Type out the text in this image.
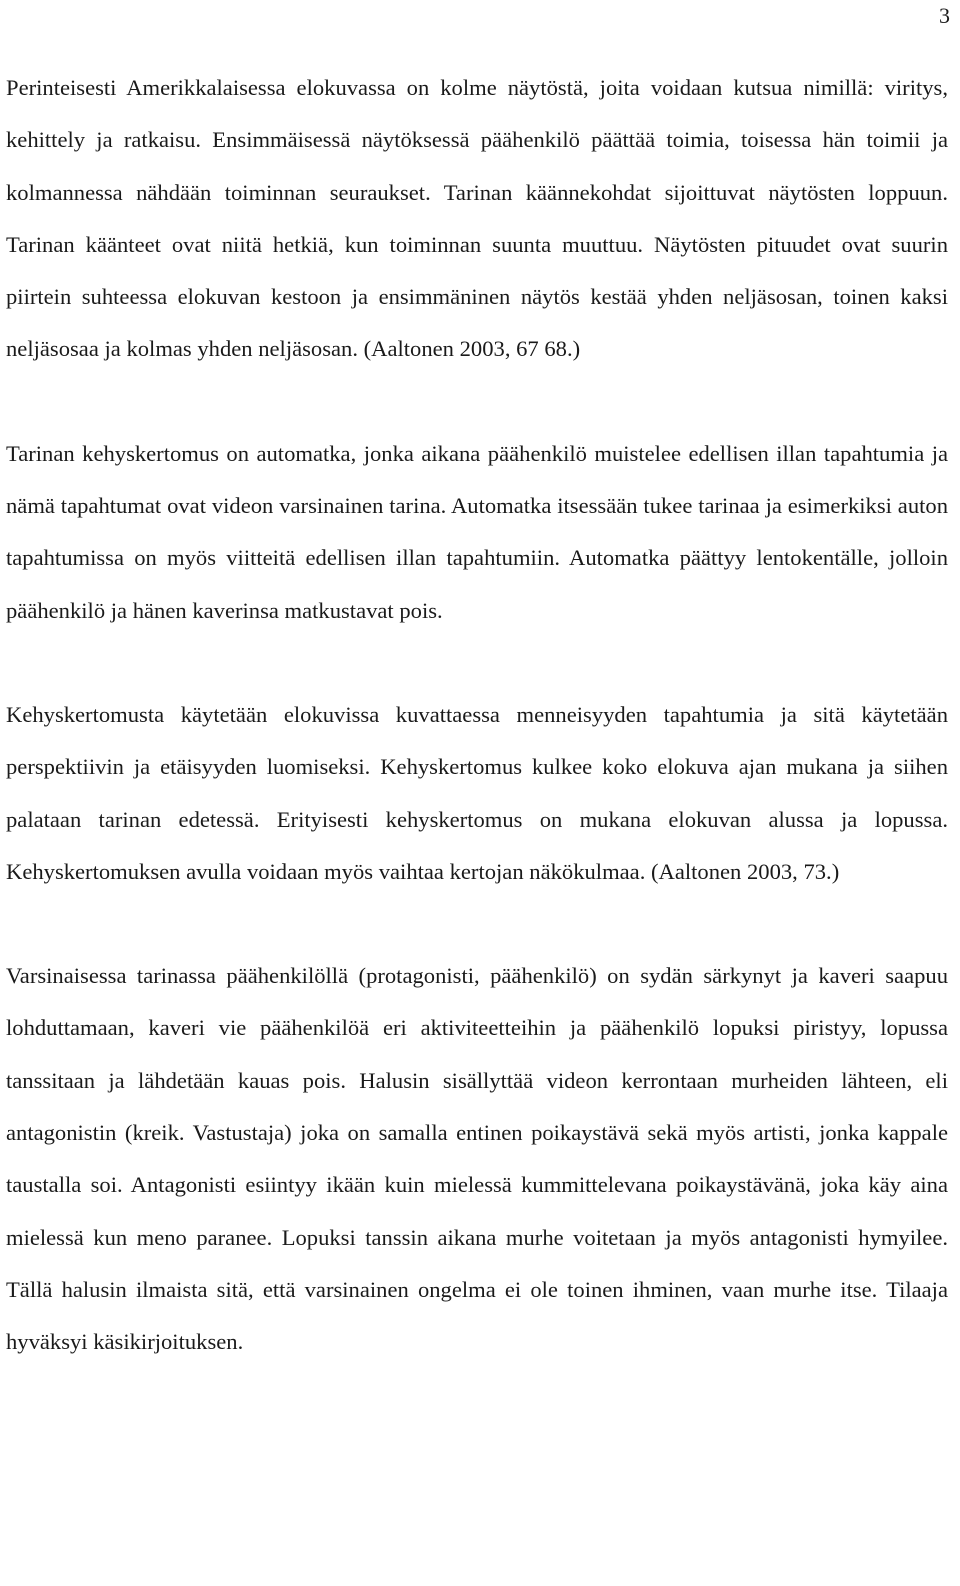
3

Perinteisesti Amerikkalaisessa elokuvassa on kolme näytöstä, joita voidaan kutsua nimillä: viritys, kehittely ja ratkaisu. Ensimmäisessä näytöksessä päähenkilö päättää toimia, toisessa hän toimii ja kolmannessa nähdään toiminnan seuraukset. Tarinan käännekohdat sijoittuvat näytösten loppuun. Tarinan käänteet ovat niitä hetkiä, kun toiminnan suunta muuttuu. Näytösten pituudet ovat suurin piirtein suhteessa elokuvan kestoon ja ensimmäninen näytös kestää yhden neljäsosan, toinen kaksi neljäsosaa ja kolmas yhden neljäsosan. (Aaltonen 2003, 67 68.)

Tarinan kehyskertomus on automatka, jonka aikana päähenkilö muistelee edellisen illan tapahtumia ja nämä tapahtumat ovat videon varsinainen tarina. Automatka itsessään tukee tarinaa ja esimerkiksi auton tapahtumissa on myös viitteitä edellisen illan tapahtumiin. Automatka päättyy lentokentälle, jolloin päähenkilö ja hänen kaverinsa matkustavat pois.

Kehyskertomusta käytetään elokuvissa kuvattaessa menneisyyden tapahtumia ja sitä käytetään perspektiivin ja etäisyyden luomiseksi. Kehyskertomus kulkee koko elokuva ajan mukana ja siihen palataan tarinan edetessä. Erityisesti kehyskertomus on mukana elokuvan alussa ja lopussa. Kehyskertomuksen avulla voidaan myös vaihtaa kertojan näkökulmaa. (Aaltonen 2003, 73.)

Varsinaisessa tarinassa päähenkilöllä (protagonisti, päähenkilö) on sydän särkynyt ja kaveri saapuu lohduttamaan, kaveri vie päähenkilöä eri aktiviteetteihin ja päähenkilö lopuksi piristyy, lopussa tanssitaan ja lähdetään kauas pois. Halusin sisällyttää videon kerrontaan murheiden lähteen, eli antagonistin (kreik. Vastustaja) joka on samalla entinen poikaystävä sekä myös artisti, jonka kappale taustalla soi. Antagonisti esiintyy ikään kuin mielessä kummittelevana poikaystävänä, joka käy aina mielessä kun meno paranee. Lopuksi tanssin aikana murhe voitetaan ja myös antagonisti hymyilee. Tällä halusin ilmaista sitä, että varsinainen ongelma ei ole toinen ihminen, vaan murhe itse. Tilaaja hyväksyi käsikirjoituksen.
